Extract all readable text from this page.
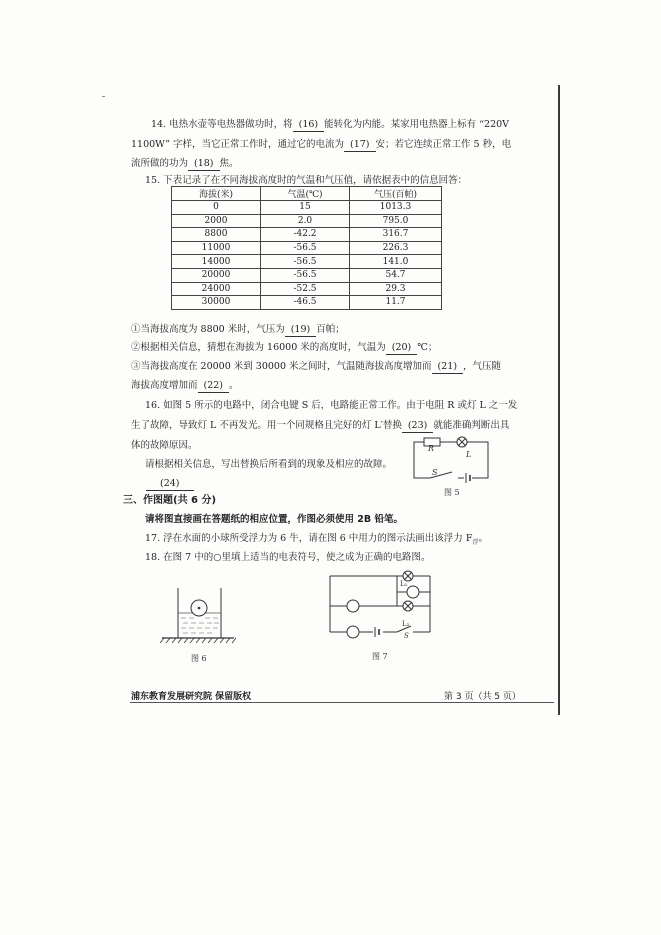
14. 电热水壶等电热器做功时，将 (16) 能转化为内能。某家用电热器上标有 “220V
1100W” 字样，当它正常工作时，通过它的电流为 (17) 安；若它连续正常工作 5 秒，电
流所做的功为 (18) 焦。
15. 下表记录了在不同海拔高度时的气温和气压值，请依据表中的信息回答：
海拔(米)	气温(℃)	气压(百帕)
0	15	1013.3
2000	2.0	795.0
8800	-42.2	316.7
11000	-56.5	226.3
14000	-56.5	141.0
20000	-56.5	54.7
24000	-52.5	29.3
30000	-46.5	11.7
①当海拔高度为 8800 米时，气压为 (19) 百帕；
②根据相关信息，猜想在海拔为 16000 米的高度时，气温为 (20) ℃；
③当海拔高度在 20000 米到 30000 米之间时，气温随海拔高度增加而 (21) ，气压随
海拔高度增加而 (22) 。
16. 如图 5 所示的电路中，闭合电键 S 后，电路能正常工作。由于电阻 R 或灯 L 之一发
生了故障，导致灯 L 不再发光。用一个同规格且完好的灯 L′替换 (23) 就能准确判断出具
体的故障原因。
请根据相关信息，写出替换后所看到的现象及相应的故障。
(24)
R
L
S
图 5
三、作图题(共 6 分)
请将图直接画在答题纸的相应位置，作图必须使用 2B 铅笔。
17. 浮在水面的小球所受浮力为 6 牛，请在图 6 中用力的图示法画出该浮力 $F_浮$。
18. 在图 7 中的○里填上适当的电表符号，使之成为正确的电路图。
图 6
L₁
L₂
S
图 7
浦东教育发展研究院 保留版权	第 3 页（共 5 页）
